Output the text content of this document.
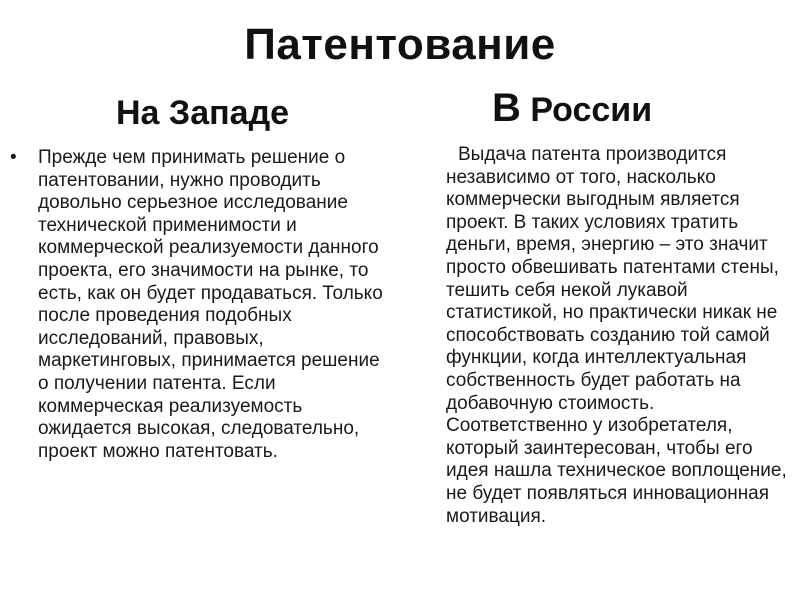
Патентование
На Западе	В России
•	Прежде чем принимать решение о патентовании, нужно проводить довольно серьезное исследование технической применимости и коммерческой реализуемости данного проекта, его значимости на рынке, то есть, как он будет продаваться. Только после проведения подобных исследований, правовых, маркетинговых, принимается решение о получении патента. Если коммерческая реализуемость ожидается высокая, следовательно, проект можно патентовать.

Выдача патента производится независимо от того, насколько коммерчески выгодным является проект. В таких условиях тратить деньги, время, энергию – это значит просто обвешивать патентами стены, тешить себя некой лукавой статистикой, но практически никак не способствовать созданию той самой функции, когда интеллектуальная собственность будет работать на добавочную стоимость. Соответственно у изобретателя, который заинтересован, чтобы его идея нашла техническое воплощение, не будет появляться инновационная мотивация.
